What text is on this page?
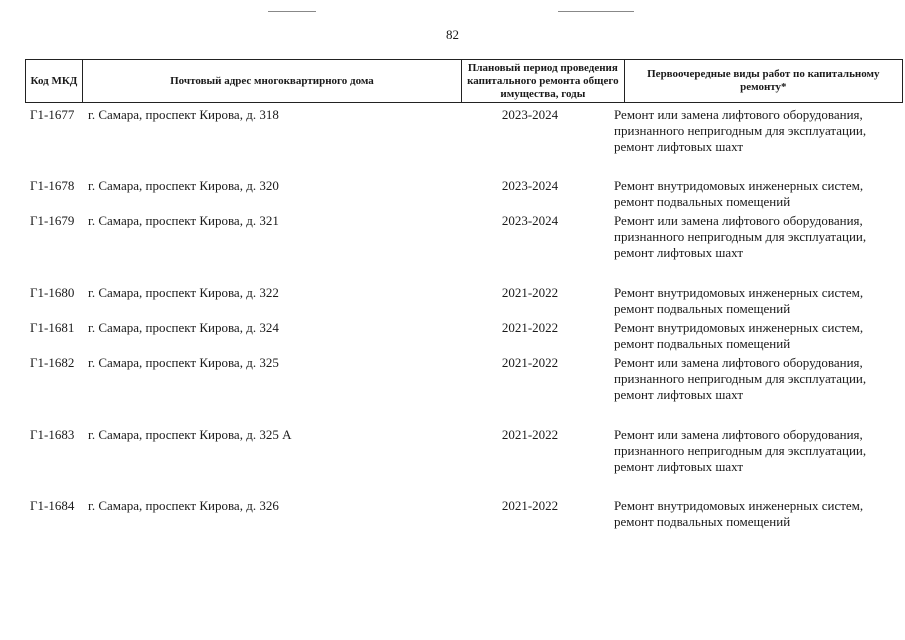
82
Код МКД	Почтовый адрес многоквартирного дома
Плановый период проведения капитального ремонта общего имущества, годы
Первоочередные виды работ по капитальному ремонту*
Г1-1677 г. Самара, проспект Кирова, д. 318	2023-2024	Ремонт или замена лифтового оборудования,
признанного непригодным для эксплуатации,
ремонт лифтовых шахт
Г1-1678 г. Самара, проспект Кирова, д. 320	2023-2024	Ремонт внутридомовых инженерных систем,
ремонт подвальных помещений
Г1-1679 г. Самара, проспект Кирова, д. 321	2023-2024	Ремонт или замена лифтового оборудования,
признанного непригодным для эксплуатации,
ремонт лифтовых шахт
Г1-1680 г. Самара, проспект Кирова, д. 322	2021-2022	Ремонт внутридомовых инженерных систем,
ремонт подвальных помещений
Г1-1681 г. Самара, проспект Кирова, д. 324	2021-2022	Ремонт внутридомовых инженерных систем,
ремонт подвальных помещений
Г1-1682 г. Самара, проспект Кирова, д. 325	2021-2022	Ремонт или замена лифтового оборудования,
признанного непригодным для эксплуатации,
ремонт лифтовых шахт
Г1-1683 г. Самара, проспект Кирова, д. 325 А	2021-2022	Ремонт или замена лифтового оборудования,
признанного непригодным для эксплуатации,
ремонт лифтовых шахт
Г1-1684 г. Самара, проспект Кирова, д. 326	2021-2022	Ремонт внутридомовых инженерных систем,
ремонт подвальных помещений
